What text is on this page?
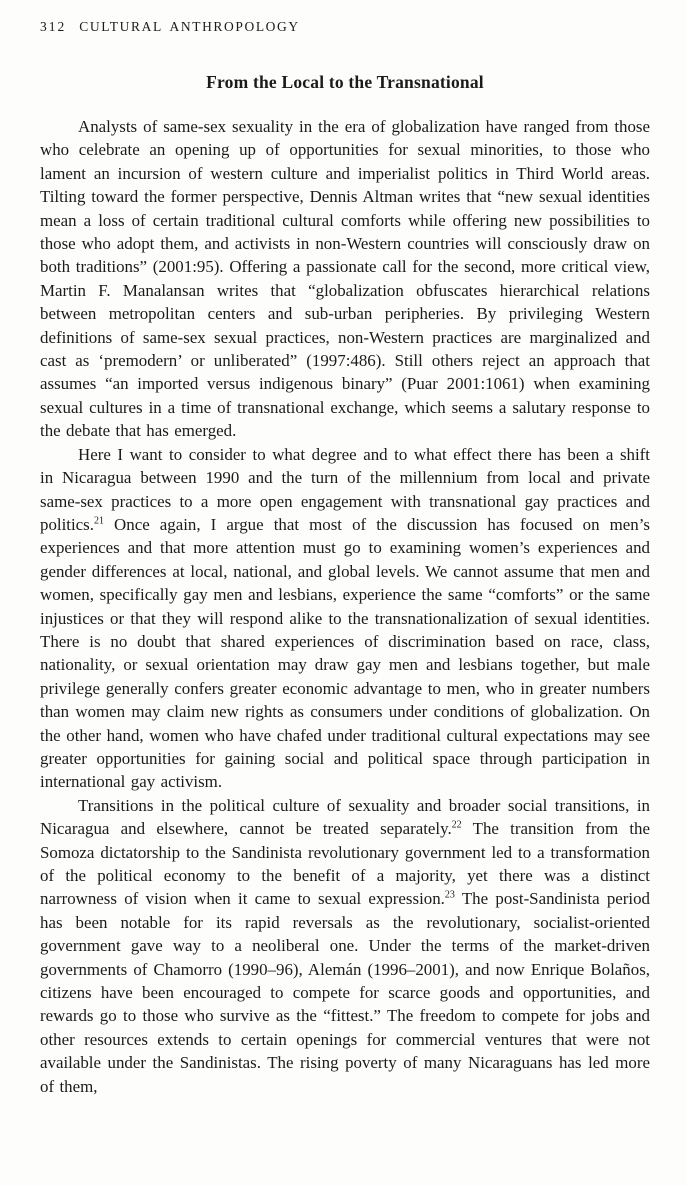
312 CULTURAL ANTHROPOLOGY
From the Local to the Transnational

Analysts of same-sex sexuality in the era of globalization have ranged from those who celebrate an opening up of opportunities for sexual minorities, to those who lament an incursion of western culture and imperialist politics in Third World areas. Tilting toward the former perspective, Dennis Altman writes that “new sexual identities mean a loss of certain traditional cultural comforts while offering new possibilities to those who adopt them, and activists in non-Western countries will consciously draw on both traditions” (2001:95). Offering a passionate call for the second, more critical view, Martin F. Manalansan writes that “globalization obfuscates hierarchical relations between metropolitan centers and sub-urban peripheries. By privileging Western definitions of same-sex sexual practices, non-Western practices are marginalized and cast as ‘premodern’ or unliberated” (1997:486). Still others reject an approach that assumes “an imported versus indigenous binary” (Puar 2001:1061) when examining sexual cultures in a time of transnational exchange, which seems a salutary response to the debate that has emerged.

Here I want to consider to what degree and to what effect there has been a shift in Nicaragua between 1990 and the turn of the millennium from local and private same-sex practices to a more open engagement with transnational gay practices and politics.$^{21}$ Once again, I argue that most of the discussion has focused on men’s experiences and that more attention must go to examining women’s experiences and gender differences at local, national, and global levels. We cannot assume that men and women, specifically gay men and lesbians, experience the same “comforts” or the same injustices or that they will respond alike to the transnationalization of sexual identities. There is no doubt that shared experiences of discrimination based on race, class, nationality, or sexual orientation may draw gay men and lesbians together, but male privilege generally confers greater economic advantage to men, who in greater numbers than women may claim new rights as consumers under conditions of globalization. On the other hand, women who have chafed under traditional cultural expectations may see greater opportunities for gaining social and political space through participation in international gay activism.

Transitions in the political culture of sexuality and broader social transitions, in Nicaragua and elsewhere, cannot be treated separately.$^{22}$ The transition from the Somoza dictatorship to the Sandinista revolutionary government led to a transformation of the political economy to the benefit of a majority, yet there was a distinct narrowness of vision when it came to sexual expression.$^{23}$ The post-Sandinista period has been notable for its rapid reversals as the revolutionary, socialist-oriented government gave way to a neoliberal one. Under the terms of the market-driven governments of Chamorro (1990–96), Alemán (1996–2001), and now Enrique Bolaños, citizens have been encouraged to compete for scarce goods and opportunities, and rewards go to those who survive as the “fittest.” The freedom to compete for jobs and other resources extends to certain openings for commercial ventures that were not available under the Sandinistas. The rising poverty of many Nicaraguans has led more of them,
